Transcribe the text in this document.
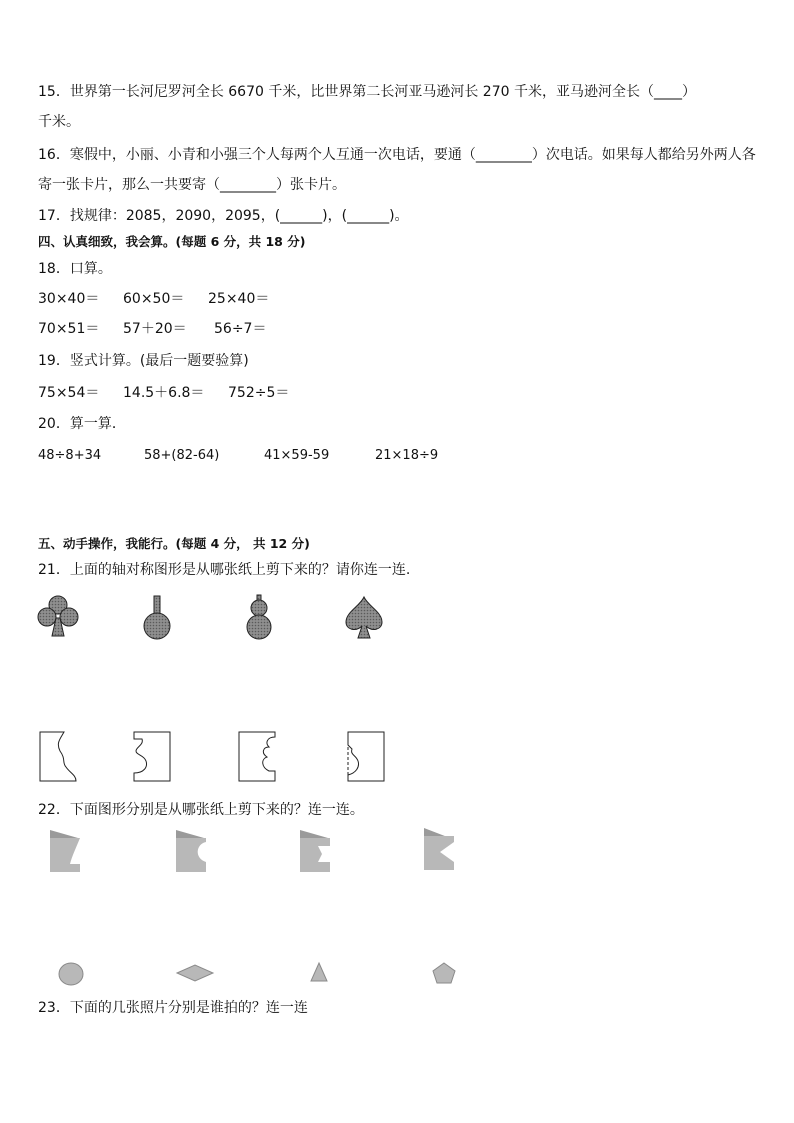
15．世界第一长河尼罗河全长 6670 千米，比世界第二长河亚马逊河长 270 千米，亚马逊河全长（____）
千米。
16．寒假中，小丽、小青和小强三个人每两个人互通一次电话，要通（________）次电话。如果每人都给另外两人各
寄一张卡片，那么一共要寄（________）张卡片。
17．找规律：2085，2090，2095，(______)，(______)。
四、认真细致，我会算。(每题 6 分，共 18 分)
18．口算。
30×40＝ 60×50＝ 25×40＝
70×51＝ 57＋20＝ 56÷7＝
19．竖式计算。(最后一题要验算)
75×54＝ 14.5＋6.8＝ 752÷5＝
20．算一算．
48÷8+34	58+(82-64)	41×59-59	21×18÷9
五、动手操作，我能行。(每题 4 分， 共 12 分)
21．上面的轴对称图形是从哪张纸上剪下来的？请你连一连.
22．下面图形分别是从哪张纸上剪下来的？连一连。
23．下面的几张照片分别是谁拍的？连一连
